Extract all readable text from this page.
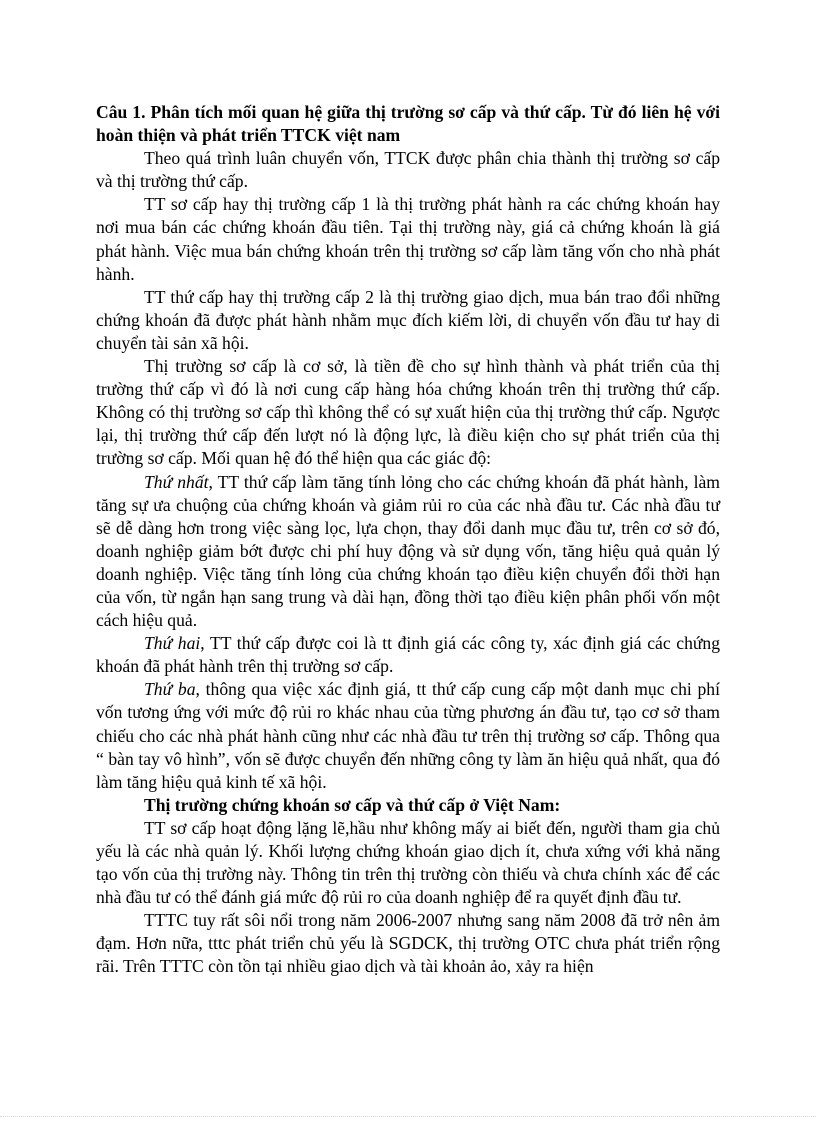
Câu 1. Phân tích mối quan hệ giữa thị trường sơ cấp và thứ cấp. Từ đó liên hệ với hoàn thiện và phát triển TTCK việt nam

Theo quá trình luân chuyển vốn, TTCK được phân chia thành thị trường sơ cấp và thị trường thứ cấp.

TT sơ cấp hay thị trường cấp 1 là thị trường phát hành ra các chứng khoán hay nơi mua bán các chứng khoán đầu tiên. Tại thị trường này, giá cả chứng khoán là giá phát hành. Việc mua bán chứng khoán trên thị trường sơ cấp làm tăng vốn cho nhà phát hành.

TT thứ cấp hay thị trường cấp 2 là thị trường giao dịch, mua bán trao đổi những chứng khoán đã được phát hành nhằm mục đích kiếm lời, di chuyển vốn đầu tư hay di chuyển tài sản xã hội.

Thị trường sơ cấp là cơ sở, là tiền đề cho sự hình thành và phát triển của thị trường thứ cấp vì đó là nơi cung cấp hàng hóa chứng khoán trên thị trường thứ cấp. Không có thị trường sơ cấp thì không thể có sự xuất hiện của thị trường thứ cấp. Ngược lại, thị trường thứ cấp đến lượt nó là động lực, là điều kiện cho sự phát triển của thị trường sơ cấp. Mối quan hệ đó thể hiện qua các giác độ:

Thứ nhất, TT thứ cấp làm tăng tính lỏng cho các chứng khoán đã phát hành, làm tăng sự ưa chuộng của chứng khoán và giảm rủi ro của các nhà đầu tư. Các nhà đầu tư sẽ dễ dàng hơn trong việc sàng lọc, lựa chọn, thay đổi danh mục đầu tư, trên cơ sở đó, doanh nghiệp giảm bớt được chi phí huy động và sử dụng vốn, tăng hiệu quả quản lý doanh nghiệp. Việc tăng tính lỏng của chứng khoán tạo điều kiện chuyển đổi thời hạn của vốn, từ ngắn hạn sang trung và dài hạn, đồng thời tạo điều kiện phân phối vốn một cách hiệu quả.

Thứ hai, TT thứ cấp được coi là tt định giá các công ty, xác định giá các chứng khoán đã phát hành trên thị trường sơ cấp.

Thứ ba, thông qua việc xác định giá, tt thứ cấp cung cấp một danh mục chi phí vốn tương ứng với mức độ rủi ro khác nhau của từng phương án đầu tư, tạo cơ sở tham chiếu cho các nhà phát hành cũng như các nhà đầu tư trên thị trường sơ cấp. Thông qua “ bàn tay vô hình”, vốn sẽ được chuyển đến những công ty làm ăn hiệu quả nhất, qua đó làm tăng hiệu quả kinh tế xã hội.

Thị trường chứng khoán sơ cấp và thứ cấp ở Việt Nam:

TT sơ cấp hoạt động lặng lẽ,hầu như không mấy ai biết đến, người tham gia chủ yếu là các nhà quản lý. Khối lượng chứng khoán giao dịch ít, chưa xứng với khả năng tạo vốn của thị trường này. Thông tin trên thị trường còn thiếu và chưa chính xác để các nhà đầu tư có thể đánh giá mức độ rủi ro của doanh nghiệp để ra quyết định đầu tư.

TTTC tuy rất sôi nổi trong năm 2006-2007 nhưng sang năm 2008 đã trở nên ảm đạm. Hơn nữa, tttc phát triển chủ yếu là SGDCK, thị trường OTC chưa phát triển rộng rãi. Trên TTTC còn tồn tại nhiều giao dịch và tài khoản ảo, xảy ra hiện
